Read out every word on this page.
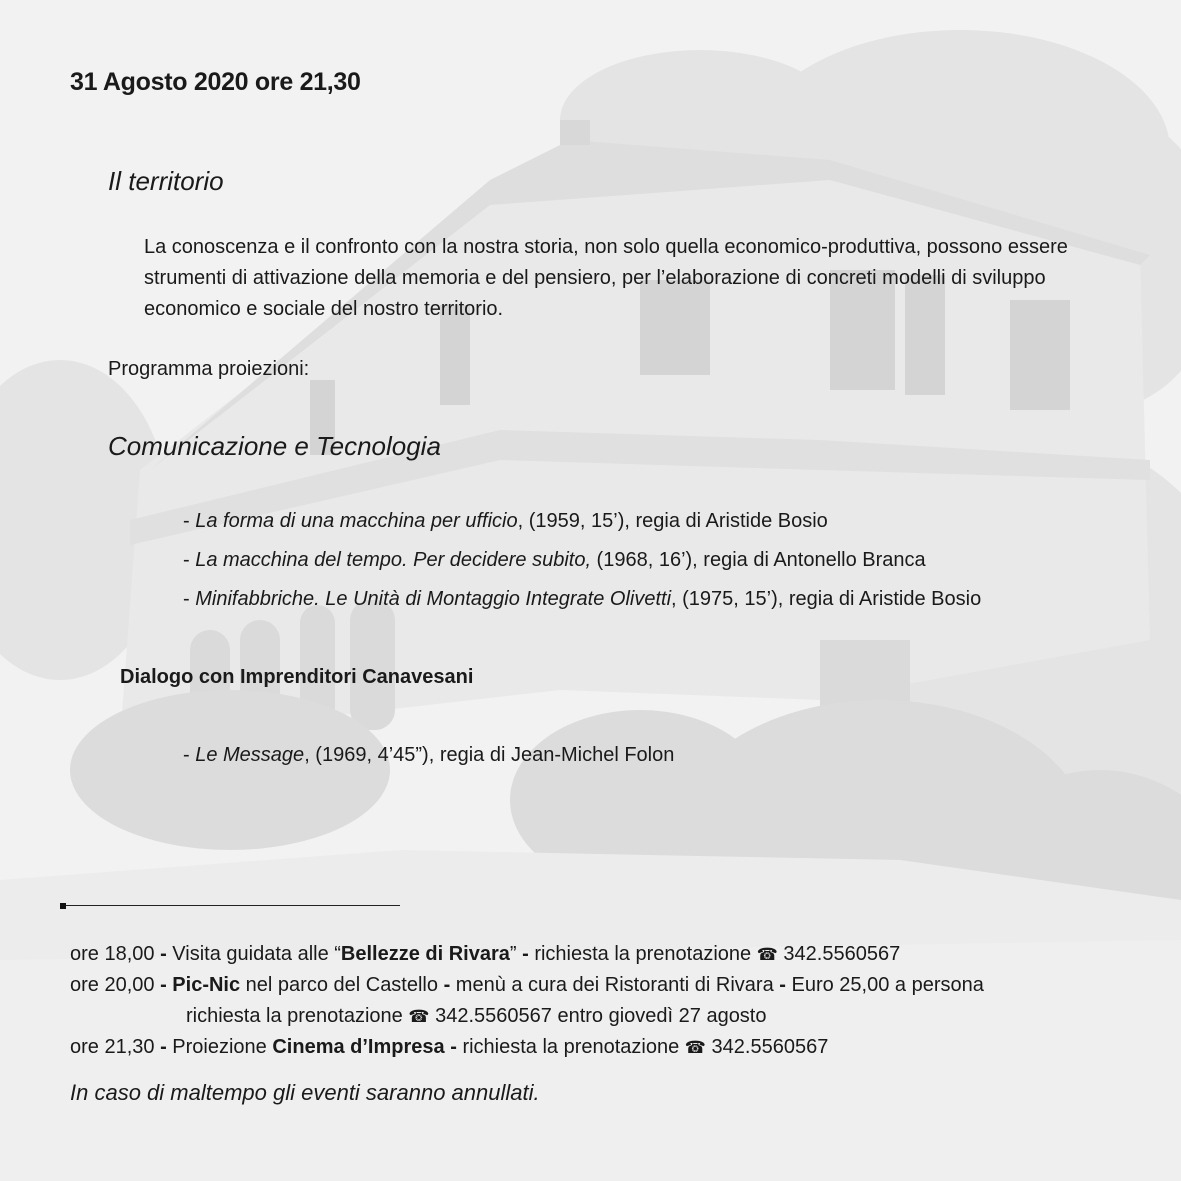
31 Agosto 2020 ore 21,30
Il territorio

La conoscenza e il confronto con la nostra storia, non solo quella economico-produttiva, possono essere strumenti di attivazione della memoria e del pensiero, per l’elaborazione di concreti modelli di sviluppo economico e sociale del nostro territorio.

Programma proiezioni:
Comunicazione e Tecnologia
- La forma di una macchina per ufficio, (1959, 15’), regia di Aristide Bosio
- La macchina del tempo. Per decidere subito, (1968, 16’), regia di Antonello Branca
- Minifabbriche. Le Unità di Montaggio Integrate Olivetti, (1975, 15’), regia di Aristide Bosio
Dialogo con Imprenditori Canavesani
- Le Message, (1969, 4’45”), regia di Jean-Michel Folon
ore 18,00 - Visita guidata alle “Bellezze di Rivara” - richiesta la prenotazione ☎ 342.5560567
ore 20,00 - Pic-Nic nel parco del Castello - menù a cura dei Ristoranti di Rivara - Euro 25,00 a persona
richiesta la prenotazione ☎ 342.5560567 entro giovedì 27 agosto
ore 21,30 - Proiezione Cinema d’Impresa - richiesta la prenotazione ☎ 342.5560567
In caso di maltempo gli eventi saranno annullati.
